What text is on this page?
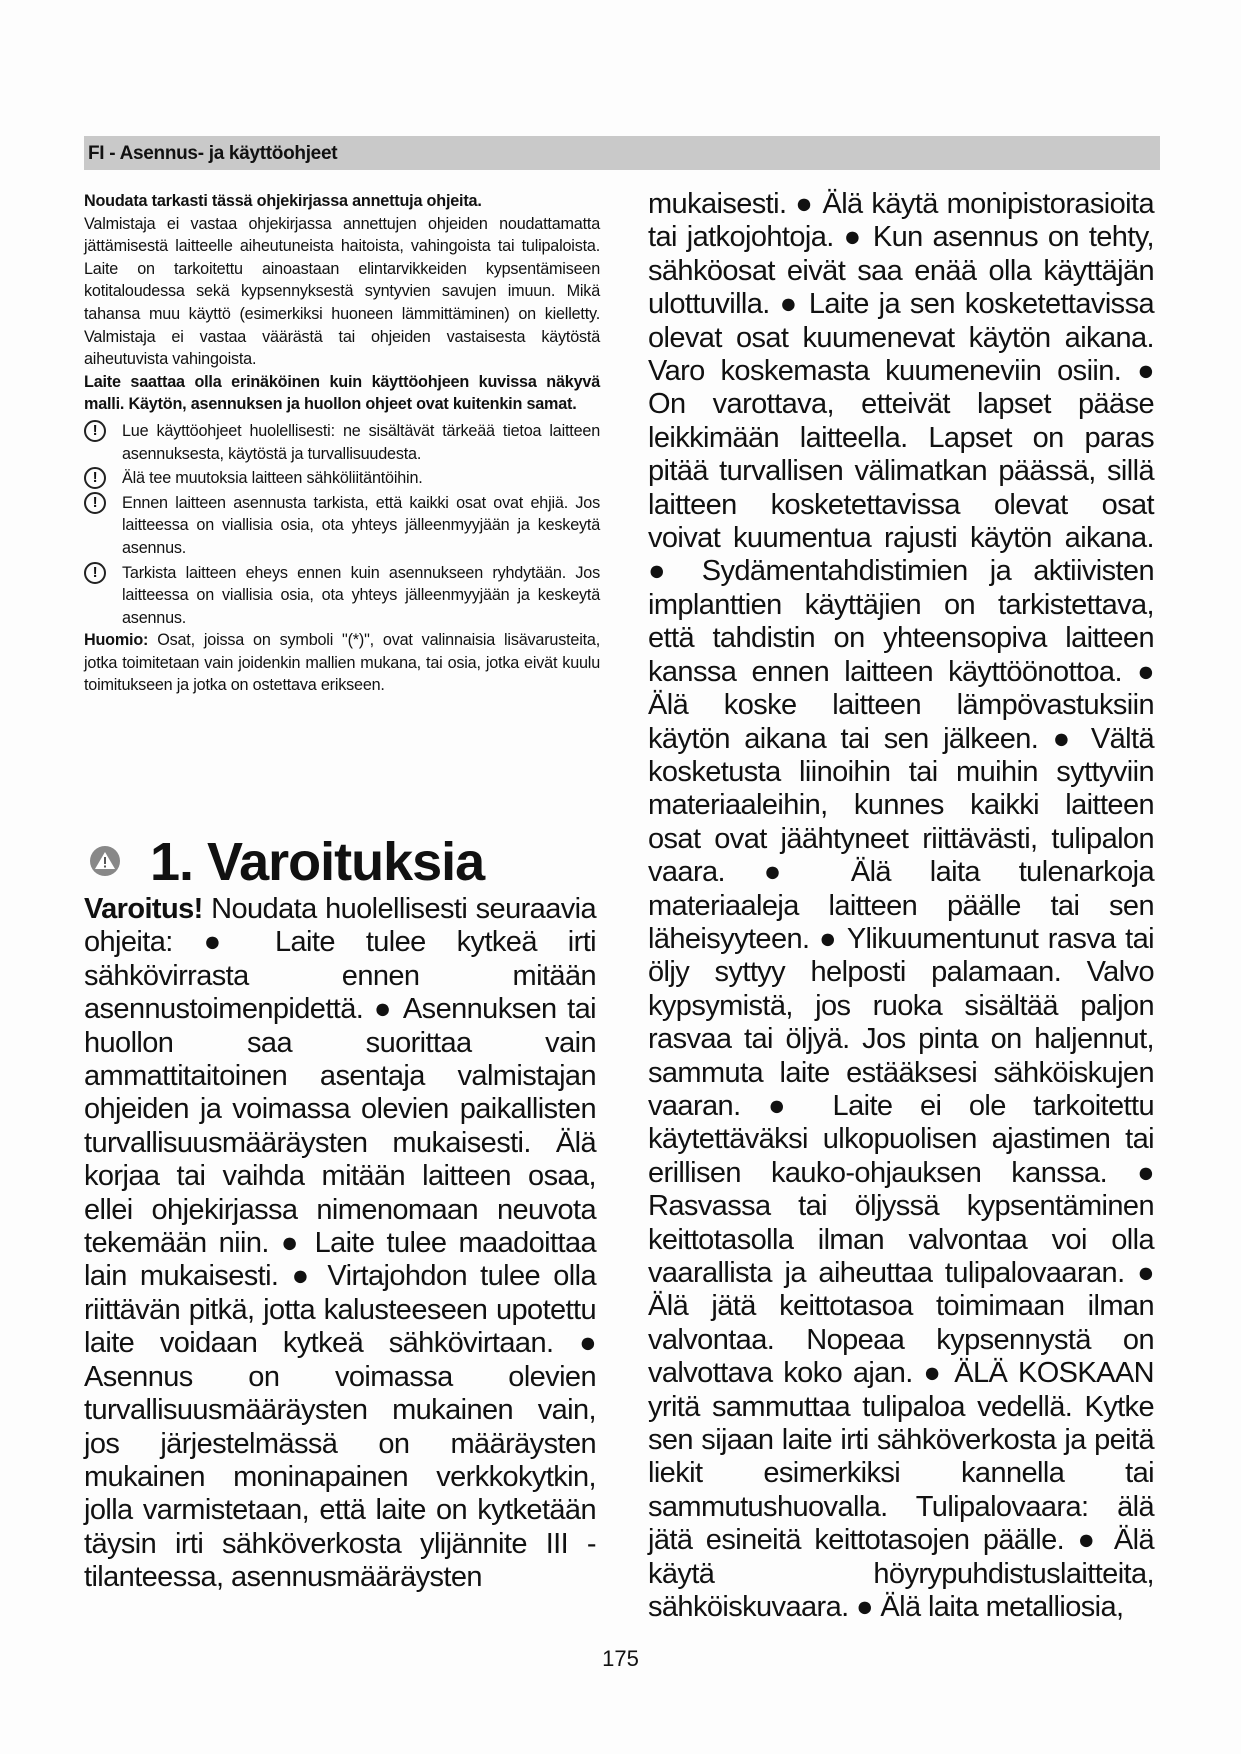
FI - Asennus- ja käyttöohjeet

Noudata tarkasti tässä ohjekirjassa annettuja ohjeita.

Valmistaja ei vastaa ohjekirjassa annettujen ohjeiden noudattamatta jättämisestä laitteelle aiheutuneista haitoista, vahingoista tai tulipaloista. Laite on tarkoitettu ainoastaan elintarvikkeiden kypsentämiseen kotitaloudessa sekä kypsennyksestä syntyvien savujen imuun. Mikä tahansa muu käyttö (esimerkiksi huoneen lämmittäminen) on kielletty. Valmistaja ei vastaa väärästä tai ohjeiden vastaisesta käytöstä aiheutuvista vahingoista.

Laite saattaa olla erinäköinen kuin käyttöohjeen kuvissa näkyvä malli. Käytön, asennuksen ja huollon ohjeet ovat kuitenkin samat.

!	Lue käyttöohjeet huolellisesti: ne sisältävät tärkeää tietoa laitteen asennuksesta, käytöstä ja turvallisuudesta.

!	Älä tee muutoksia laitteen sähköliitäntöihin.

!	Ennen laitteen asennusta tarkista, että kaikki osat ovat ehjiä. Jos laitteessa on viallisia osia, ota yhteys jälleenmyyjään ja keskeytä asennus.

!	Tarkista laitteen eheys ennen kuin asennukseen ryhdytään. Jos laitteessa on viallisia osia, ota yhteys jälleenmyyjään ja keskeytä asennus.

Huomio: Osat, joissa on symboli "(*)", ovat valinnaisia lisävarusteita, jotka toimitetaan vain joidenkin mallien mukana, tai osia, jotka eivät kuulu toimitukseen ja jotka on ostettava erikseen.

1. Varoituksia

Varoitus! Noudata huolellisesti seuraavia ohjeita: ● Laite tulee kytkeä irti sähkövirrasta ennen mitään asennustoimenpidettä. ● Asennuksen tai huollon saa suorittaa vain ammattitaitoinen asentaja valmistajan ohjeiden ja voimassa olevien paikallisten turvallisuusmääräysten mukaisesti. Älä korjaa tai vaihda mitään laitteen osaa, ellei ohjekirjassa nimenomaan neuvota tekemään niin. ● Laite tulee maadoittaa lain mukaisesti. ● Virtajohdon tulee olla riittävän pitkä, jotta kalusteeseen upotettu laite voidaan kytkeä sähkövirtaan. ● Asennus on voimassa olevien turvallisuusmääräysten mukainen vain, jos järjestelmässä on määräysten mukainen moninapainen verkkokytkin, jolla varmistetaan, että laite on kytketään täysin irti sähköverkosta ylijännite III -tilanteessa, asennusmääräysten

mukaisesti. ● Älä käytä monipistorasioita tai jatkojohtoja. ● Kun asennus on tehty, sähköosat eivät saa enää olla käyttäjän ulottuvilla. ● Laite ja sen kosketettavissa olevat osat kuumenevat käytön aikana. Varo koskemasta kuumeneviin osiin. ● On varottava, etteivät lapset pääse leikkimään laitteella. Lapset on paras pitää turvallisen välimatkan päässä, sillä laitteen kosketettavissa olevat osat voivat kuumentua rajusti käytön aikana. ● Sydämentahdistimien ja aktiivisten implanttien käyttäjien on tarkistettava, että tahdistin on yhteensopiva laitteen kanssa ennen laitteen käyttöönottoa. ● Älä koske laitteen lämpövastuksiin käytön aikana tai sen jälkeen. ● Vältä kosketusta liinoihin tai muihin syttyviin materiaaleihin, kunnes kaikki laitteen osat ovat jäähtyneet riittävästi, tulipalon vaara. ● Älä laita tulenarkoja materiaaleja laitteen päälle tai sen läheisyyteen. ● Ylikuumentunut rasva tai öljy syttyy helposti palamaan. Valvo kypsymistä, jos ruoka sisältää paljon rasvaa tai öljyä. Jos pinta on haljennut, sammuta laite estääksesi sähköiskujen vaaran. ● Laite ei ole tarkoitettu käytettäväksi ulkopuolisen ajastimen tai erillisen kauko-ohjauksen kanssa. ● Rasvassa tai öljyssä kypsentäminen keittotasolla ilman valvontaa voi olla vaarallista ja aiheuttaa tulipalovaaran. ● Älä jätä keittotasoa toimimaan ilman valvontaa. Nopeaa kypsennystä on valvottava koko ajan. ● ÄLÄ KOSKAAN yritä sammuttaa tulipaloa vedellä. Kytke sen sijaan laite irti sähköverkosta ja peitä liekit esimerkiksi kannella tai sammutushuovalla. Tulipalovaara: älä jätä esineitä keittotasojen päälle. ● Älä käytä höyrypuhdistuslaitteita, sähköiskuvaara. ● Älä laita metalliosia,

175
